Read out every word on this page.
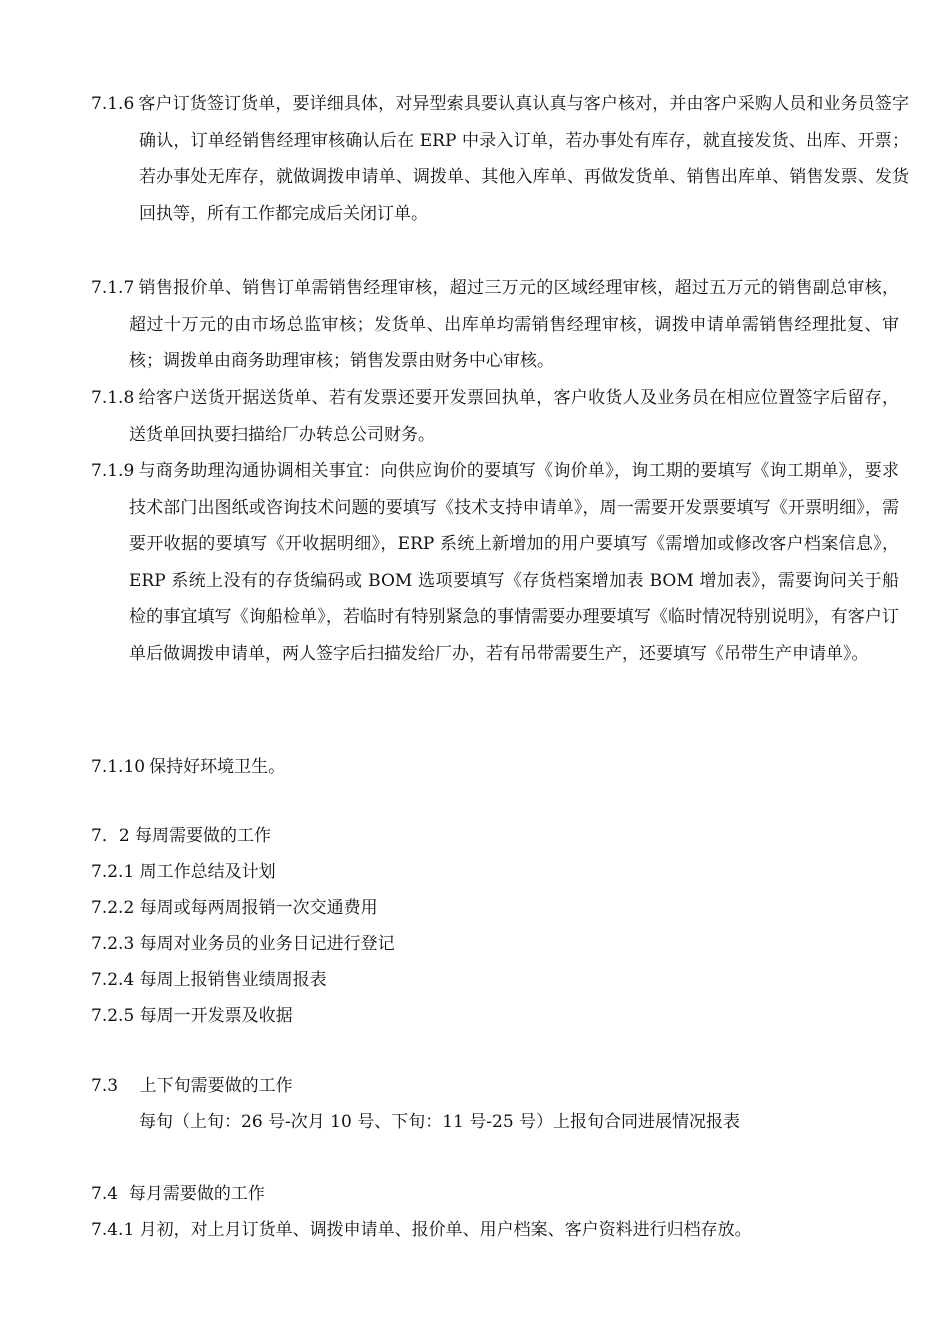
7.1.6 客户订货签订货单，要详细具体，对异型索具要认真认真与客户核对，并由客户采购人员和业务员签字确认，订单经销售经理审核确认后在 ERP 中录入订单，若办事处有库存，就直接发货、出库、开票；若办事处无库存，就做调拨申请单、调拨单、其他入库单、再做发货单、销售出库单、销售发票、发货回执等，所有工作都完成后关闭订单。
7.1.7 销售报价单、销售订单需销售经理审核，超过三万元的区域经理审核，超过五万元的销售副总审核，超过十万元的由市场总监审核；发货单、出库单均需销售经理审核，调拨申请单需销售经理批复、审核；调拨单由商务助理审核；销售发票由财务中心审核。
7.1.8 给客户送货开据送货单、若有发票还要开发票回执单，客户收货人及业务员在相应位置签字后留存，送货单回执要扫描给厂办转总公司财务。
7.1.9 与商务助理沟通协调相关事宜：向供应询价的要填写《询价单》，询工期的要填写《询工期单》，要求技术部门出图纸或咨询技术问题的要填写《技术支持申请单》，周一需要开发票要填写《开票明细》，需要开收据的要填写《开收据明细》，ERP 系统上新增加的用户要填写《需增加或修改客户档案信息》，ERP 系统上没有的存货编码或 BOM 选项要填写《存货档案增加表 BOM 增加表》，需要询问关于船检的事宜填写《询船检单》，若临时有特别紧急的事情需要办理要填写《临时情况特别说明》，有客户订单后做调拨申请单，两人签字后扫描发给厂办，若有吊带需要生产，还要填写《吊带生产申请单》。
7.1.10 保持好环境卫生。
7．2 每周需要做的工作
7.2.1 周工作总结及计划
7.2.2 每周或每两周报销一次交通费用
7.2.3 每周对业务员的业务日记进行登记
7.2.4 每周上报销售业绩周报表
7.2.5 每周一开发票及收据
7.3    上下旬需要做的工作
每旬（上旬：26 号-次月 10 号、下旬：11 号-25 号）上报旬合同进展情况报表
7.4  每月需要做的工作
7.4.1 月初，对上月订货单、调拨申请单、报价单、用户档案、客户资料进行归档存放。
